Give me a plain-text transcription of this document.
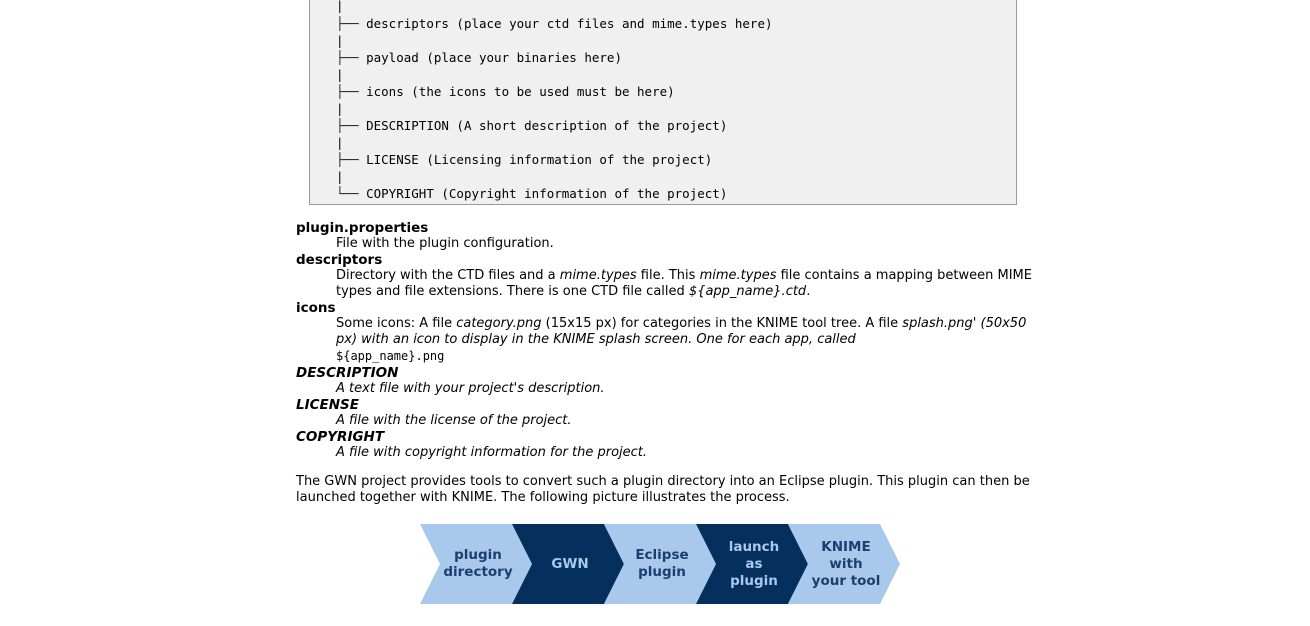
|
├── descriptors (place your ctd files and mime.types here)
|
├── payload (place your binaries here)
|
├── icons (the icons to be used must be here)
|
├── DESCRIPTION (A short description of the project)
|
├── LICENSE (Licensing information of the project)
|
└── COPYRIGHT (Copyright information of the project)
plugin.properties
File with the plugin configuration.
descriptors
Directory with the CTD files and a mime.types file. This mime.types file contains a mapping between MIME types and file extensions. There is one CTD file called ${app_name}.ctd.
icons
Some icons: A file category.png (15x15 px) for categories in the KNIME tool tree. A file splash.png' (50x50 px) with an icon to display in the KNIME splash screen. One for each app, called
${app_name}.png
DESCRIPTION
A text file with your project's description.
LICENSE
A file with the license of the project.
COPYRIGHT
A file with copyright information for the project.

The GWN project provides tools to convert such a plugin directory into an Eclipse plugin. This plugin can then be launched together with KNIME. The following picture illustrates the process.

plugin
directory
GWN
Eclipse
plugin
launch
as
plugin
KNIME
with
your tool
